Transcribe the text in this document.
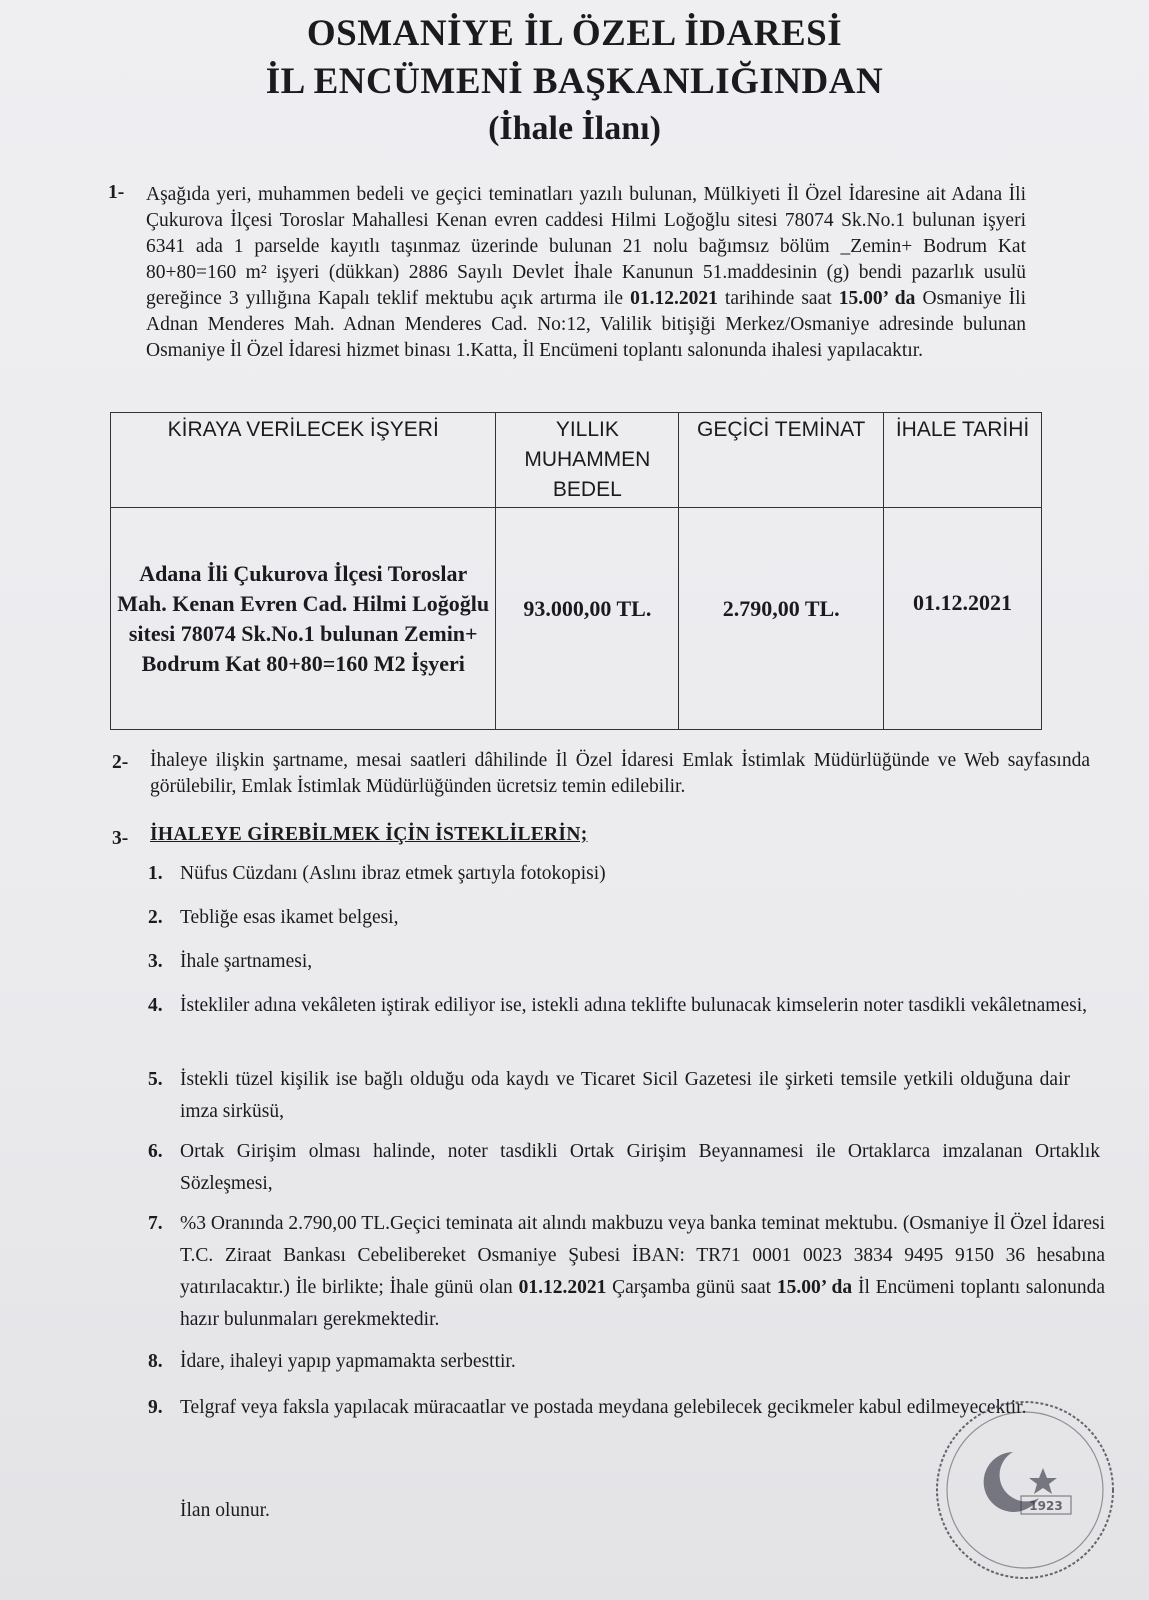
OSMANİYE İL ÖZEL İDARESİ
İL ENCÜMENİ BAŞKANLIĞINDAN
(İhale İlanı)
1- Aşağıda yeri, muhammen bedeli ve geçici teminatları yazılı bulunan, Mülkiyeti İl Özel İdaresine ait Adana İli Çukurova İlçesi Toroslar Mahallesi Kenan evren caddesi Hilmi Loğoğlu sitesi 78074 Sk.No.1 bulunan işyeri 6341 ada 1 parselde kayıtlı taşınmaz üzerinde bulunan 21 nolu bağımsız bölüm _Zemin+ Bodrum Kat 80+80=160 m² işyeri (dükkan) 2886 Sayılı Devlet İhale Kanunun 51.maddesinin (g) bendi pazarlık usulü gereğince 3 yıllığına Kapalı teklif mektubu açık artırma ile 01.12.2021 tarihinde saat 15.00’ da Osmaniye İli Adnan Menderes Mah. Adnan Menderes Cad. No:12, Valilik bitişiği Merkez/Osmaniye adresinde bulunan Osmaniye İl Özel İdaresi hizmet binası 1.Katta, İl Encümeni toplantı salonunda ihalesi yapılacaktır.

KİRAYA VERİLECEK İŞYERİ	YILLIK MUHAMMEN BEDEL	GEÇİCİ TEMİNAT	İHALE TARİHİ
Adana İli Çukurova İlçesi Toroslar Mah. Kenan Evren Cad. Hilmi Loğoğlu sitesi 78074 Sk.No.1 bulunan Zemin+ Bodrum Kat 80+80=160 M2 İşyeri	93.000,00 TL.	2.790,00 TL.	01.12.2021
2- İhaleye ilişkin şartname, mesai saatleri dâhilinde İl Özel İdaresi Emlak İstimlak Müdürlüğünde ve Web sayfasında görülebilir, Emlak İstimlak Müdürlüğünden ücretsiz temin edilebilir.

3- İHALEYE GİREBİLMEK İÇİN İSTEKLİLERİN;
1. Nüfus Cüzdanı (Aslını ibraz etmek şartıyla fotokopisi)
2. Tebliğe esas ikamet belgesi,
3. İhale şartnamesi,
4. İstekliler adına vekâleten iştirak ediliyor ise, istekli adına teklifte bulunacak kimselerin noter tasdikli vekâletnamesi,
5. İstekli tüzel kişilik ise bağlı olduğu oda kaydı ve Ticaret Sicil Gazetesi ile şirketi temsile yetkili olduğuna dair imza sirküsü,
6. Ortak Girişim olması halinde, noter tasdikli Ortak Girişim Beyannamesi ile Ortaklarca imzalanan Ortaklık Sözleşmesi,
7. %3 Oranında 2.790,00 TL.Geçici teminata ait alındı makbuzu veya banka teminat mektubu. (Osmaniye İl Özel İdaresi T.C. Ziraat Bankası Cebelibereket Osmaniye Şubesi İBAN: TR71 0001 0023 3834 9495 9150 36 hesabına yatırılacaktır.) İle birlikte; İhale günü olan 01.12.2021 Çarşamba günü saat 15.00’ da İl Encümeni toplantı salonunda hazır bulunmaları gerekmektedir.
8. İdare, ihaleyi yapıp yapmamakta serbesttir.
9. Telgraf veya faksla yapılacak müracaatlar ve postada meydana gelebilecek gecikmeler kabul edilmeyecektir.
İlan olunur.	1923
